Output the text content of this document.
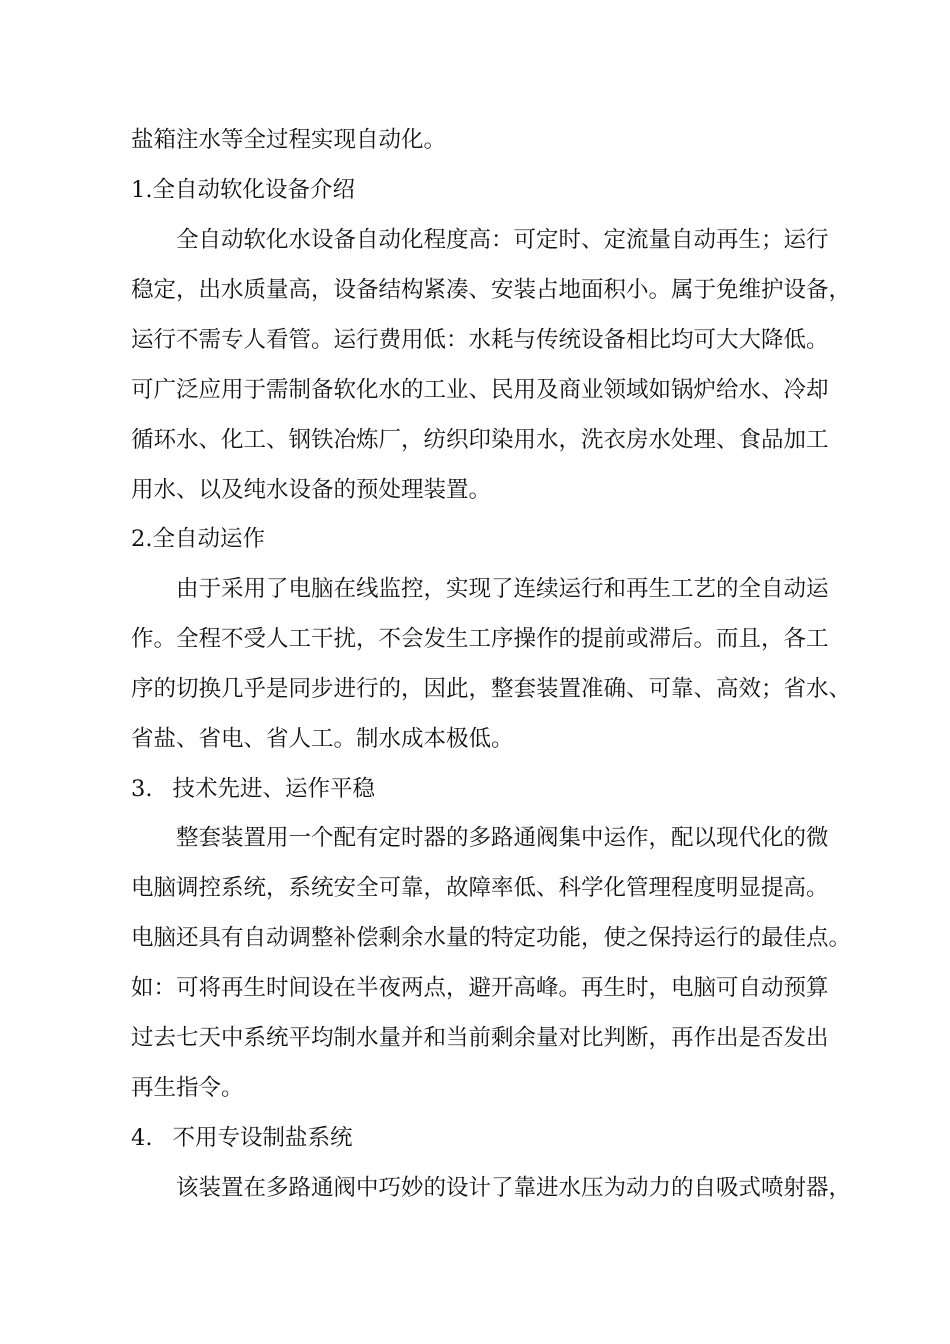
盐箱注水等全过程实现自动化。

1.全自动软化设备介绍

全自动软化水设备自动化程度高：可定时、定流量自动再生；运行

稳定，出水质量高，设备结构紧凑、安装占地面积小。属于免维护设备，

运行不需专人看管。运行费用低：水耗与传统设备相比均可大大降低。

可广泛应用于需制备软化水的工业、民用及商业领域如锅炉给水、冷却

循环水、化工、钢铁冶炼厂，纺织印染用水，洗衣房水处理、食品加工

用水、以及纯水设备的预处理装置。

2.全自动运作

由于采用了电脑在线监控，实现了连续运行和再生工艺的全自动运

作。全程不受人工干扰，不会发生工序操作的提前或滞后。而且，各工

序的切换几乎是同步进行的，因此，整套装置准确、可靠、高效；省水、

省盐、省电、省人工。制水成本极低。

3. 技术先进、运作平稳

整套装置用一个配有定时器的多路通阀集中运作，配以现代化的微

电脑调控系统，系统安全可靠，故障率低、科学化管理程度明显提高。

电脑还具有自动调整补偿剩余水量的特定功能，使之保持运行的最佳点。

如：可将再生时间设在半夜两点，避开高峰。再生时，电脑可自动预算

过去七天中系统平均制水量并和当前剩余量对比判断，再作出是否发出

再生指令。

4. 不用专设制盐系统

该装置在多路通阀中巧妙的设计了靠进水压为动力的自吸式喷射器，
